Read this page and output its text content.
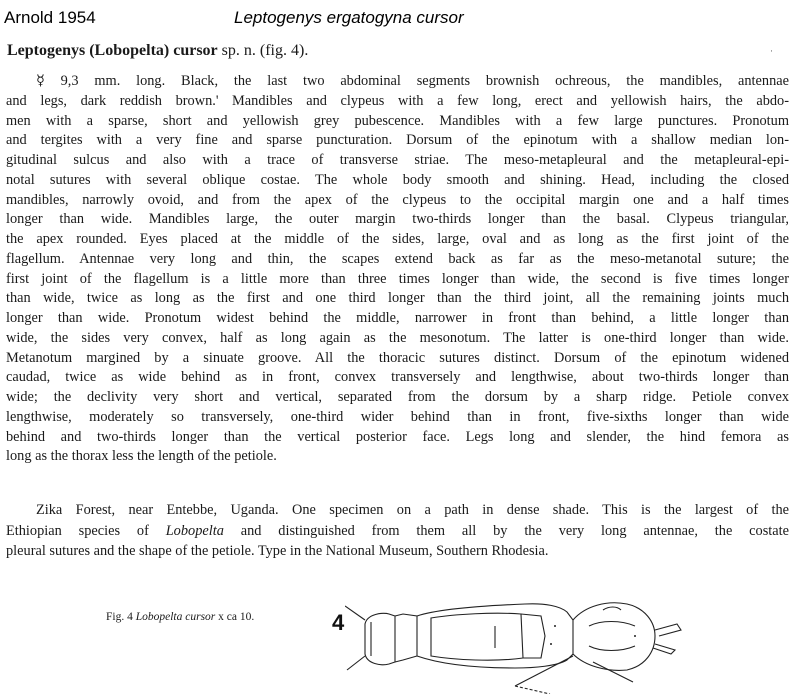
Arnold 1954	Leptogenys ergatogyna cursor
Leptogenys (Lobopelta) cursor sp. n. (fig. 4).	·
☿ 9,3 mm. long. Black, the last two abdominal segments brownish ochreous, the mandibles, antennae
and legs, dark reddish brown.' Mandibles and clypeus with a few long, erect and yellowish hairs, the abdo-
men with a sparse, short and yellowish grey pubescence. Mandibles with a few large punctures. Pronotum
and tergites with a very fine and sparse puncturation. Dorsum of the epinotum with a shallow median lon-
gitudinal sulcus and also with a trace of transverse striae. The meso-metapleural and the metapleural-epi-
notal sutures with several oblique costae. The whole body smooth and shining. Head, including the closed
mandibles, narrowly ovoid, and from the apex of the clypeus to the occipital margin one and a half times
longer than wide. Mandibles large, the outer margin two-thirds longer than the basal. Clypeus triangular,
the apex rounded. Eyes placed at the middle of the sides, large, oval and as long as the first joint of the
flagellum. Antennae very long and thin, the scapes extend back as far as the meso-metanotal suture; the
first joint of the flagellum is a little more than three times longer than wide, the second is five times longer
than wide, twice as long as the first and one third longer than the third joint, all the remaining joints much
longer than wide. Pronotum widest behind the middle, narrower in front than behind, a little longer than
wide, the sides very convex, half as long again as the mesonotum. The latter is one-third longer than wide.
Metanotum margined by a sinuate groove. All the thoracic sutures distinct. Dorsum of the epinotum widened
caudad, twice as wide behind as in front, convex transversely and lengthwise, about two-thirds longer than
wide; the declivity very short and vertical, separated from the dorsum by a sharp ridge. Petiole convex
lengthwise, moderately so transversely, one-third wider behind than in front, five-sixths longer than wide
behind and two-thirds longer than the vertical posterior face. Legs long and slender, the hind femora as
long as the thorax less the length of the petiole.
Zika Forest, near Entebbe, Uganda. One specimen on a path in dense shade. This is the largest of the
Ethiopian species of Lobopelta and distinguished from them all by the very long antennae, the costate
pleural sutures and the shape of the petiole. Type in the National Museum, Southern Rhodesia.
Fig. 4 Lobopelta cursor x ca 10.	4
